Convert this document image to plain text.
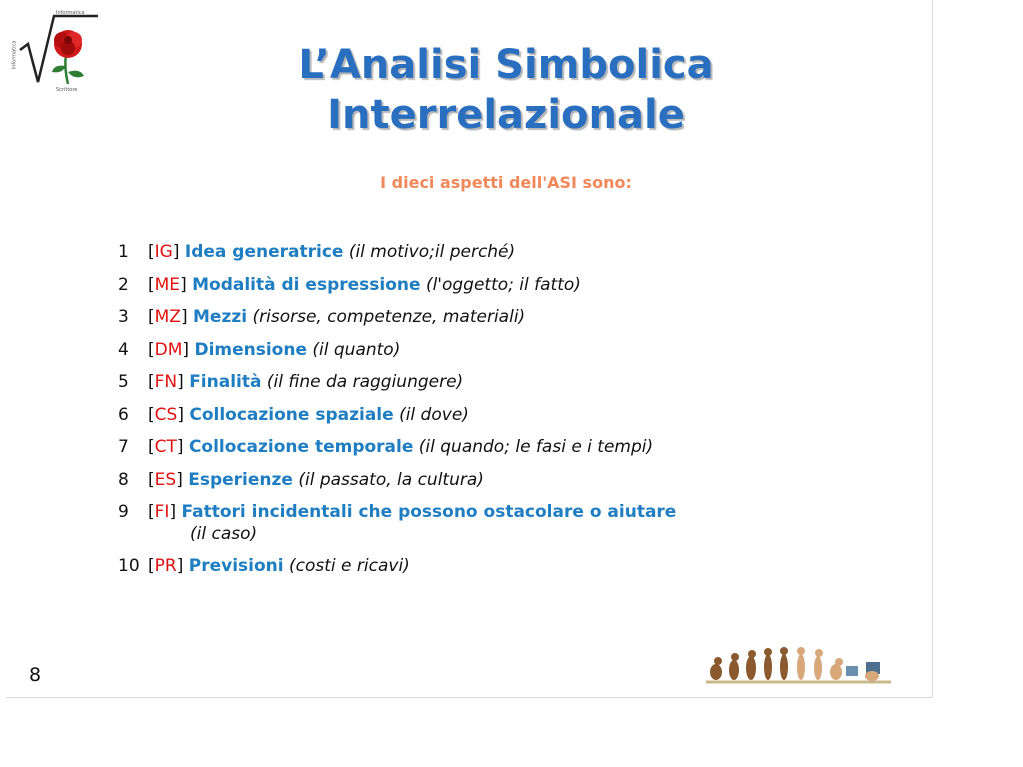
Informatica
Informatica
Scrittore
L’Analisi Simbolica
Interrelazionale
I dieci aspetti dell'ASI sono:
1 [IG] Idea generatrice (il motivo;il perché)
2 [ME] Modalità di espressione (l'oggetto; il fatto)
3 [MZ] Mezzi (risorse, competenze, materiali)
4 [DM] Dimensione (il quanto)
5 [FN] Finalità (il fine da raggiungere)
6 [CS] Collocazione spaziale (il dove)
7 [CT] Collocazione temporale (il quando; le fasi e i tempi)
8 [ES] Esperienze (il passato, la cultura)
9 [FI] Fattori incidentali che possono ostacolare o aiutare
(il caso)
10 [PR] Previsioni (costi e ricavi)
8
